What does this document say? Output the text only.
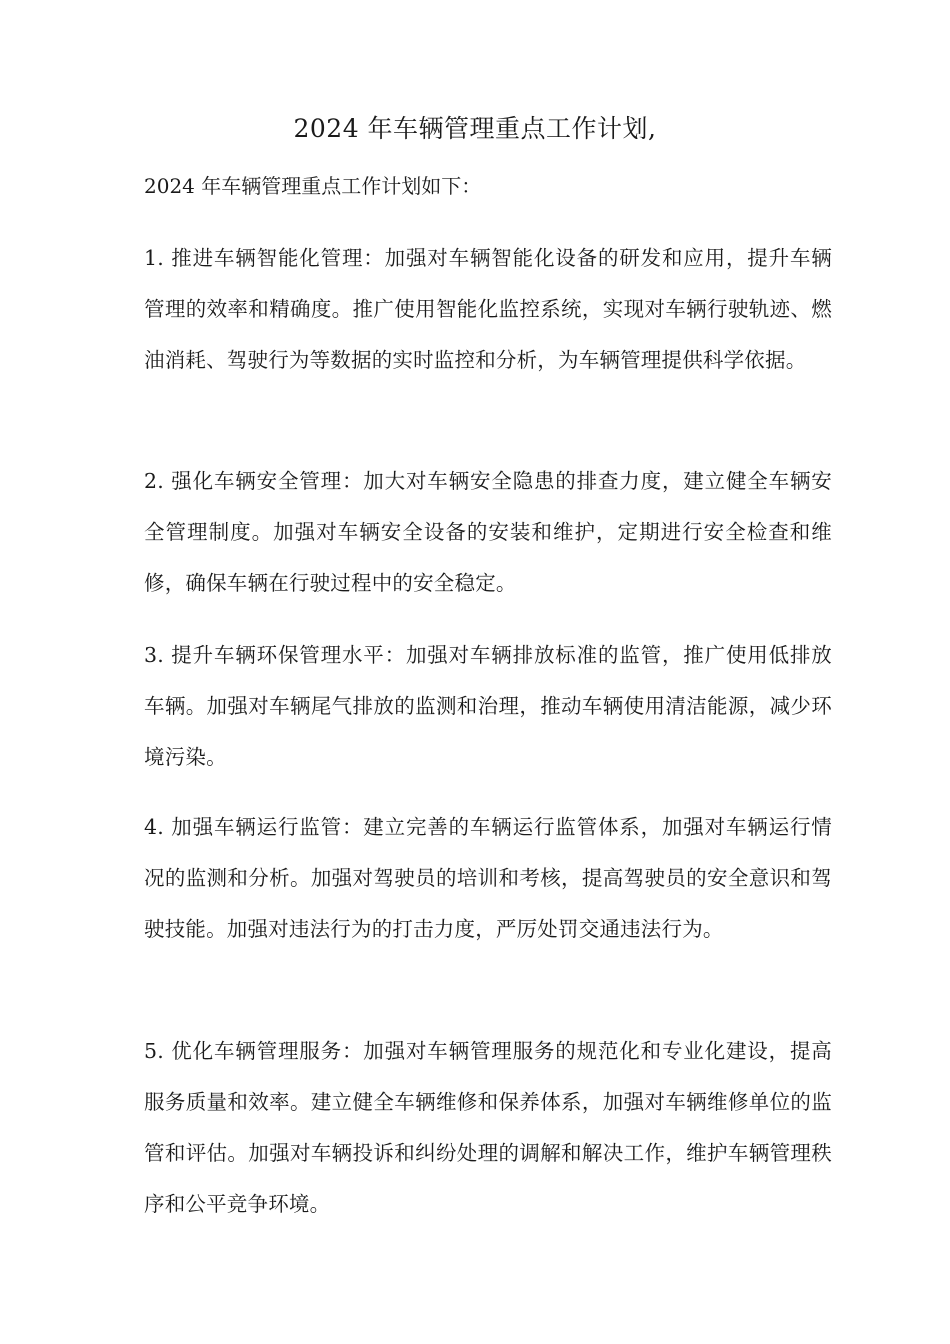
2024 年车辆管理重点工作计划,

2024 年车辆管理重点工作计划如下：

1. 推进车辆智能化管理：加强对车辆智能化设备的研发和应用，提升车辆管理的效率和精确度。推广使用智能化监控系统，实现对车辆行驶轨迹、燃油消耗、驾驶行为等数据的实时监控和分析，为车辆管理提供科学依据。

2. 强化车辆安全管理：加大对车辆安全隐患的排查力度，建立健全车辆安全管理制度。加强对车辆安全设备的安装和维护，定期进行安全检查和维修，确保车辆在行驶过程中的安全稳定。

3. 提升车辆环保管理水平：加强对车辆排放标准的监管，推广使用低排放车辆。加强对车辆尾气排放的监测和治理，推动车辆使用清洁能源，减少环境污染。

4. 加强车辆运行监管：建立完善的车辆运行监管体系，加强对车辆运行情况的监测和分析。加强对驾驶员的培训和考核，提高驾驶员的安全意识和驾驶技能。加强对违法行为的打击力度，严厉处罚交通违法行为。

5. 优化车辆管理服务：加强对车辆管理服务的规范化和专业化建设，提高服务质量和效率。建立健全车辆维修和保养体系，加强对车辆维修单位的监管和评估。加强对车辆投诉和纠纷处理的调解和解决工作，维护车辆管理秩序和公平竞争环境。
